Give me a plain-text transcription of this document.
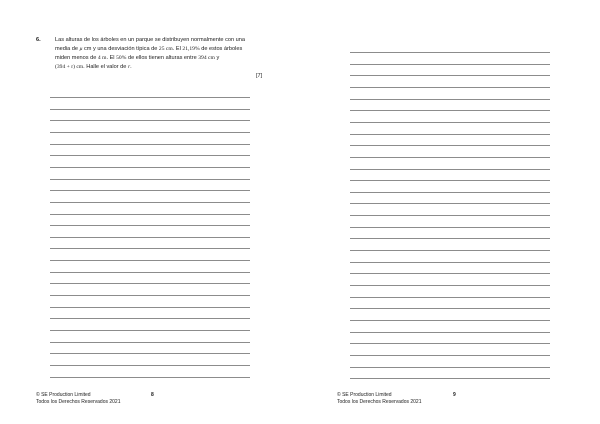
6.	Las alturas de los árboles en un parque se distribuyen normalmente con una
media de μ cm y una desviación típica de 25 cm. El 21,19% de estos árboles
miden menos de 4 m. El 50% de ellos tienen alturas entre 394 cm y
(394 + r) cm. Halle el valor de r.
[7]
© SE Production Limited
Todos los Derechos Reservados 2021
8	© SE Production Limited
Todos los Derechos Reservados 2021
9
